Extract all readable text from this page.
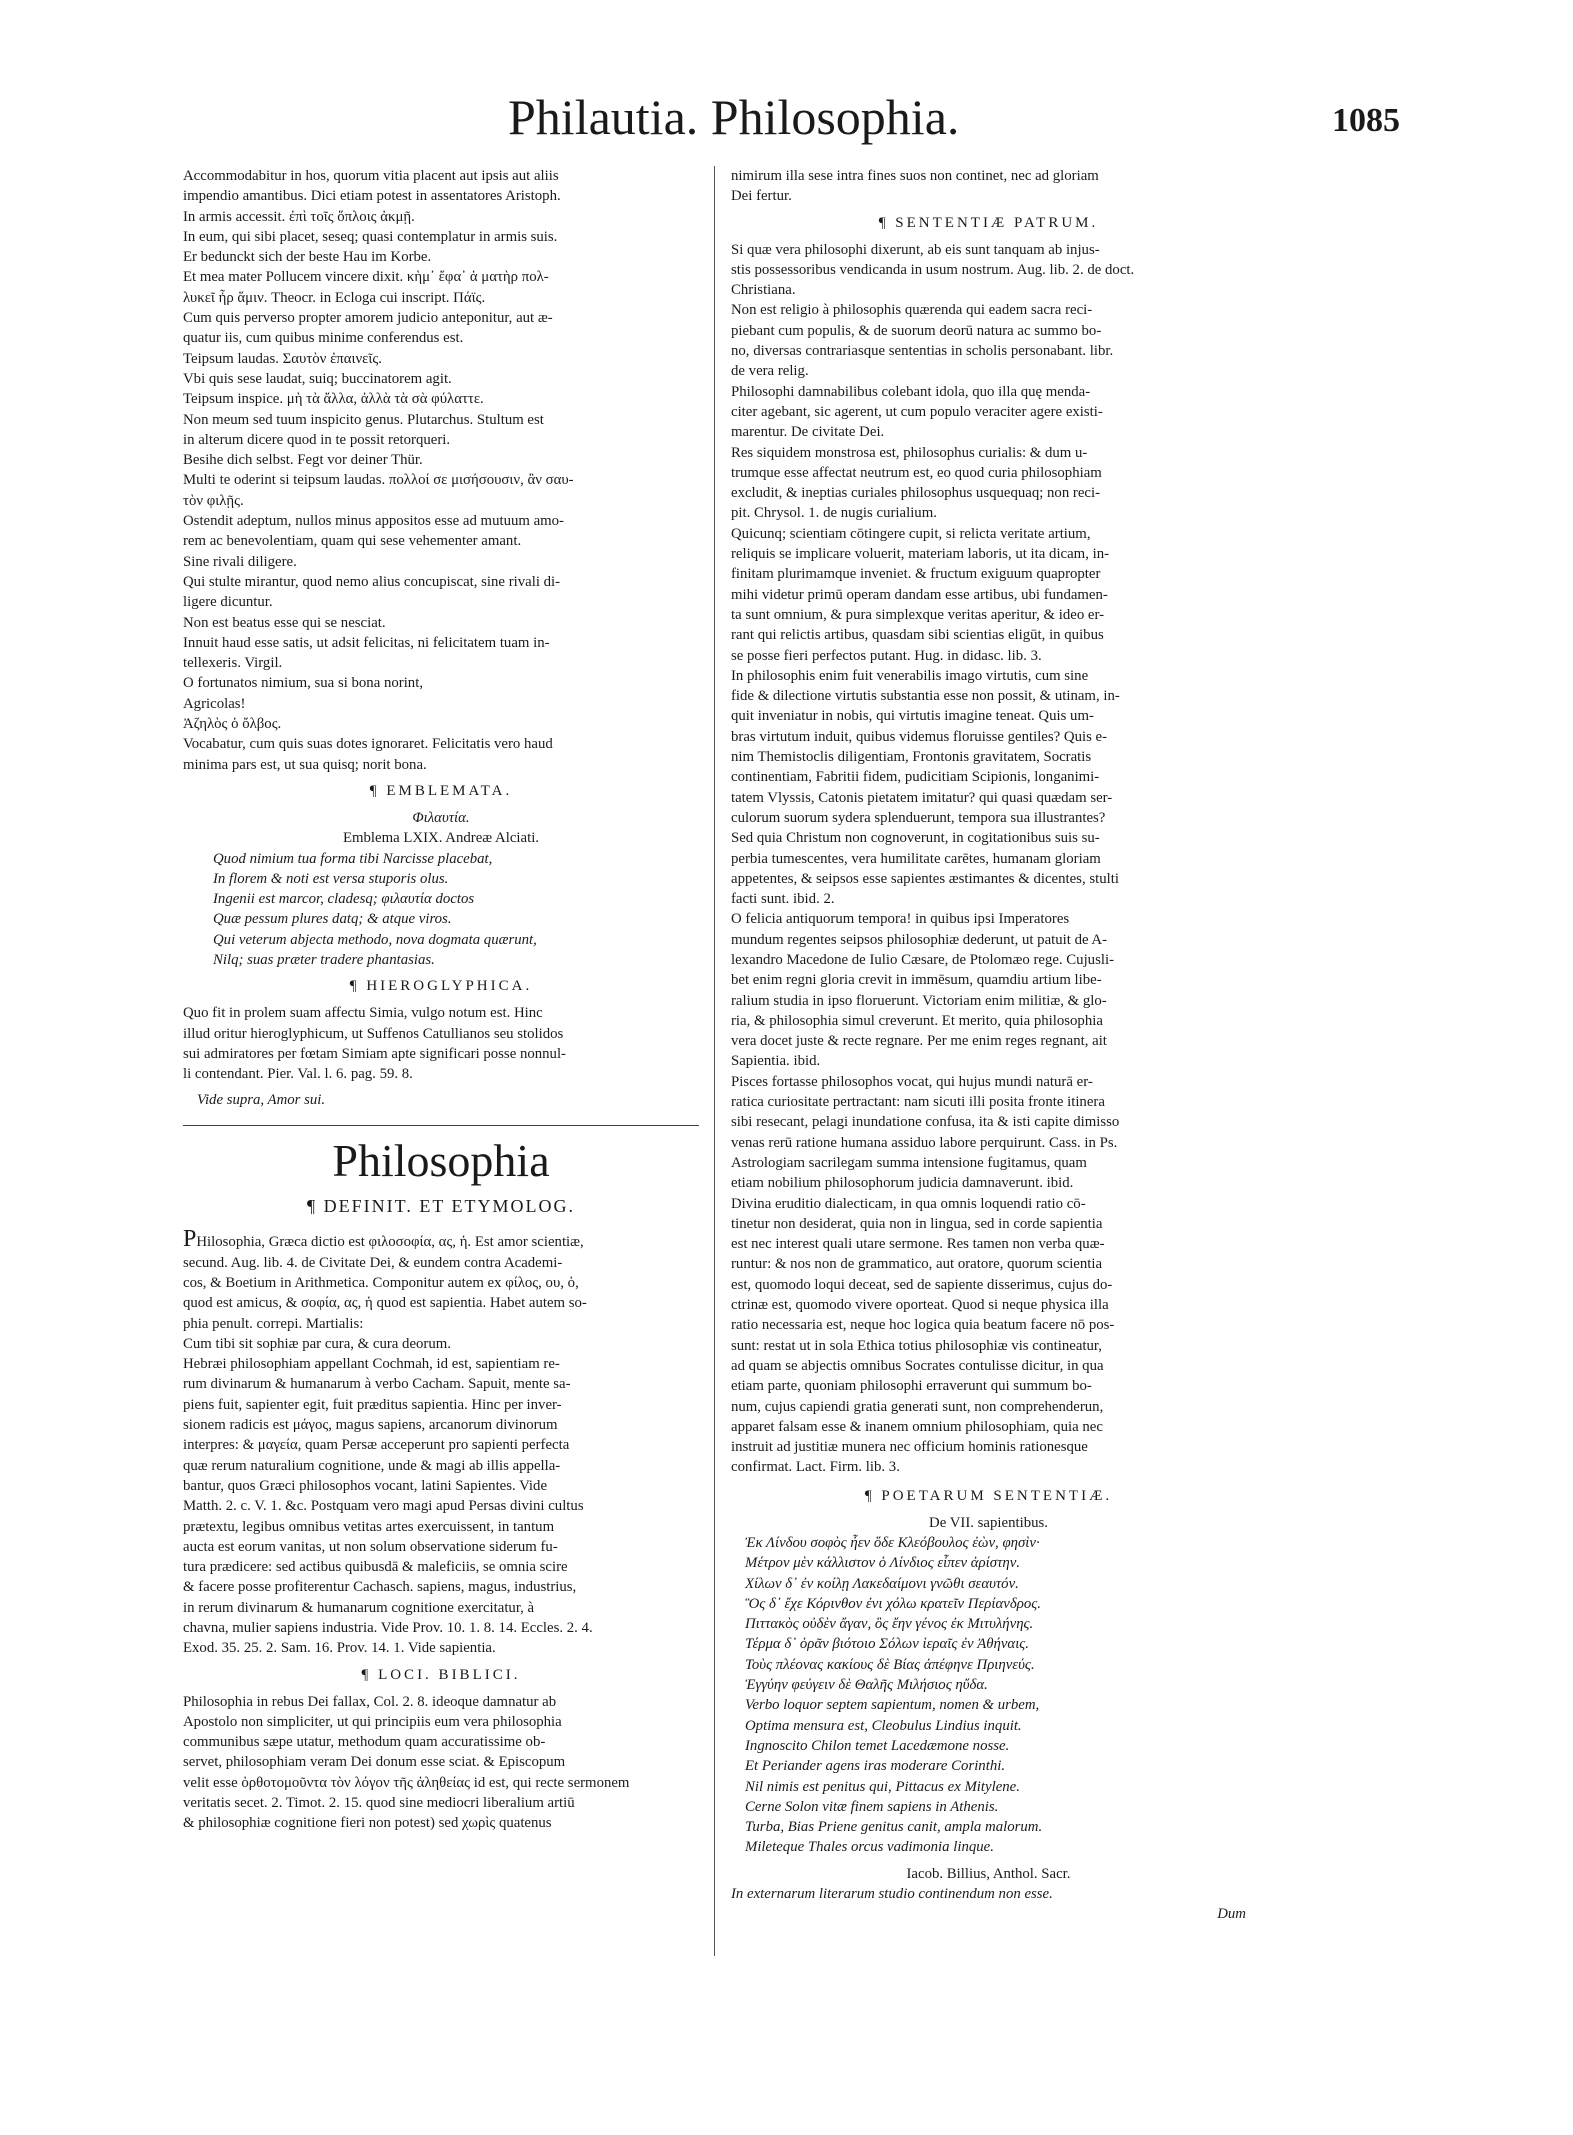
Philautia. Philosophia.	1085
Accommodabitur in hos, quorum vitia placent aut ipsis aut aliis
impendio amantibus. Dici etiam potest in assentatores Aristoph.
In armis accessit. ἐπὶ τοῖς ὅπλοις ἀκμῇ.
In eum, qui sibi placet, seseq; quasi contemplatur in armis suis.
Er bedunckt sich der beste Hau im Korbe.
Et mea mater Pollucem vincere dixit. κὴμ᾽ ἔφα᾽ ἁ ματὴρ πολ-
λυκεῖ ἦρ ἅμιν. Theocr. in Ecloga cui inscript. Πάϊς.
Cum quis perverso propter amorem judicio anteponitur, aut æ-
quatur iis, cum quibus minime conferendus est.
Teipsum laudas. Σαυτὸν ἐπαινεῖς.
Vbi quis sese laudat, suiq; buccinatorem agit.
Teipsum inspice. μὴ τὰ ἄλλα, ἀλλὰ τὰ σὰ φύλαττε.
Non meum sed tuum inspicito genus. Plutarchus. Stultum est
in alterum dicere quod in te possit retorqueri.
Besihe dich selbst. Fegt vor deiner Thür.
Multi te oderint si teipsum laudas. πολλοί σε μισήσουσιν, ἂν σαυ-
τὸν φιλῇς.
Ostendit adeptum, nullos minus appositos esse ad mutuum amo-
rem ac benevolentiam, quam qui sese vehementer amant.
Sine rivali diligere.
Qui stulte mirantur, quod nemo alius concupiscat, sine rivali di-
ligere dicuntur.
Non est beatus esse qui se nesciat.
Innuit haud esse satis, ut adsit felicitas, ni felicitatem tuam in-
tellexeris. Virgil.
O fortunatos nimium, sua si bona norint,
Agricolas!
Ἀζηλὸς ὁ ὄλβος.
Vocabatur, cum quis suas dotes ignoraret. Felicitatis vero haud
minima pars est, ut sua quisq; norit bona.
¶ EMBLEMATA.
Φιλαυτία.
Emblema LXIX. Andreæ Alciati.
Quod nimium tua forma tibi Narcisse placebat,
In florem & noti est versa stuporis olus.
Ingenii est marcor, cladesq; φιλαυτία doctos
Quæ pessum plures datq; & atque viros.
Qui veterum abjecta methodo, nova dogmata quærunt,
Nilq; suas præter tradere phantasias.
¶ HIEROGLYPHICA.
Quo fit in prolem suam affectu Simia, vulgo notum est. Hinc
illud oritur hieroglyphicum, ut Suffenos Catullianos seu stolidos
sui admiratores per fœtam Simiam apte significari posse nonnul-
li contendant. Pier. Val. l. 6. pag. 59. 8.
Vide supra, Amor sui.
Philosophia
¶ DEFINIT. ET ETYMOLOG.
PHilosophia, Græca dictio est φιλοσοφία, ας, ἡ. Est amor scientiæ,
secund. Aug. lib. 4. de Civitate Dei, & eundem contra Academi-
cos, & Boetium in Arithmetica. Componitur autem ex φίλος, ου, ὁ,
quod est amicus, & σοφία, ας, ἡ quod est sapientia. Habet autem so-
phia penult. correpi. Martialis:
Cum tibi sit sophiæ par cura, & cura deorum.
Hebræi philosophiam appellant Cochmah, id est, sapientiam re-
rum divinarum & humanarum à verbo Cacham. Sapuit, mente sa-
piens fuit, sapienter egit, fuit præditus sapientia. Hinc per inver-
sionem radicis est μάγος, magus sapiens, arcanorum divinorum
interpres: & μαγεία, quam Persæ acceperunt pro sapienti perfecta
quæ rerum naturalium cognitione, unde & magi ab illis appella-
bantur, quos Græci philosophos vocant, latini Sapientes. Vide
Matth. 2. c. V. 1. &c. Postquam vero magi apud Persas divini cultus
prætextu, legibus omnibus vetitas artes exercuissent, in tantum
aucta est eorum vanitas, ut non solum observatione siderum fu-
tura prædicere: sed actibus quibusdā & maleficiis, se omnia scire
& facere posse profiterentur Cachasch. sapiens, magus, industrius,
in rerum divinarum & humanarum cognitione exercitatur, à
chavna, mulier sapiens industria. Vide Prov. 10. 1. 8. 14. Eccles. 2. 4.
Exod. 35. 25. 2. Sam. 16. Prov. 14. 1. Vide sapientia.
¶ LOCI. BIBLICI.
Philosophia in rebus Dei fallax, Col. 2. 8. ideoque damnatur ab
Apostolo non simpliciter, ut qui principiis eum vera philosophia
communibus sæpe utatur, methodum quam accuratissime ob-
servet, philosophiam veram Dei donum esse sciat. & Episcopum
velit esse ὀρθοτομοῦντα τὸν λόγον τῆς ἀληθείας id est, qui recte sermonem
veritatis secet. 2. Timot. 2. 15. quod sine mediocri liberalium artiū
& philosophiæ cognitione fieri non potest) sed χωρὶς quatenus
nimirum illa sese intra fines suos non continet, nec ad gloriam
Dei fertur.
¶ SENTENTIÆ PATRUM.
Si quæ vera philosophi dixerunt, ab eis sunt tanquam ab injus-
stis possessoribus vendicanda in usum nostrum. Aug. lib. 2. de doct.
Christiana.
Non est religio à philosophis quærenda qui eadem sacra reci-
piebant cum populis, & de suorum deorū natura ac summo bo-
no, diversas contrariasque sententias in scholis personabant. libr.
de vera relig.
Philosophi damnabilibus colebant idola, quo illa quę menda-
citer agebant, sic agerent, ut cum populo veraciter agere existi-
marentur. De civitate Dei.
Res siquidem monstrosa est, philosophus curialis: & dum u-
trumque esse affectat neutrum est, eo quod curia philosophiam
excludit, & ineptias curiales philosophus usquequaq; non reci-
pit. Chrysol. 1. de nugis curialium.
Quicunq; scientiam cōtingere cupit, si relicta veritate artium,
reliquis se implicare voluerit, materiam laboris, ut ita dicam, in-
finitam plurimamque inveniet. & fructum exiguum quapropter
mihi videtur primū operam dandam esse artibus, ubi fundamen-
ta sunt omnium, & pura simplexque veritas aperitur, & ideo er-
rant qui relictis artibus, quasdam sibi scientias eligūt, in quibus
se posse fieri perfectos putant. Hug. in didasc. lib. 3.
In philosophis enim fuit venerabilis imago virtutis, cum sine
fide & dilectione virtutis substantia esse non possit, & utinam, in-
quit inveniatur in nobis, qui virtutis imagine teneat. Quis um-
bras virtutum induit, quibus videmus floruisse gentiles? Quis e-
nim Themistoclis diligentiam, Frontonis gravitatem, Socratis
continentiam, Fabritii fidem, pudicitiam Scipionis, longanimi-
tatem Vlyssis, Catonis pietatem imitatur? qui quasi quædam ser-
culorum suorum sydera splenduerunt, tempora sua illustrantes?
Sed quia Christum non cognoverunt, in cogitationibus suis su-
perbia tumescentes, vera humilitate carētes, humanam gloriam
appetentes, & seipsos esse sapientes æstimantes & dicentes, stulti
facti sunt. ibid. 2.
O felicia antiquorum tempora! in quibus ipsi Imperatores
mundum regentes seipsos philosophiæ dederunt, ut patuit de A-
lexandro Macedone de Iulio Cæsare, de Ptolomæo rege. Cujusli-
bet enim regni gloria crevit in immēsum, quamdiu artium libe-
ralium studia in ipso floruerunt. Victoriam enim militiæ, & glo-
ria, & philosophia simul creverunt. Et merito, quia philosophia
vera docet juste & recte regnare. Per me enim reges regnant, ait
Sapientia. ibid.
Pisces fortasse philosophos vocat, qui hujus mundi naturā er-
ratica curiositate pertractant: nam sicuti illi posita fronte itinera
sibi resecant, pelagi inundatione confusa, ita & isti capite dimisso
venas rerū ratione humana assiduo labore perquirunt. Cass. in Ps.
Astrologiam sacrilegam summa intensione fugitamus, quam
etiam nobilium philosophorum judicia damnaverunt. ibid.
Divina eruditio dialecticam, in qua omnis loquendi ratio cō-
tinetur non desiderat, quia non in lingua, sed in corde sapientia
est nec interest quali utare sermone. Res tamen non verba quæ-
runtur: & nos non de grammatico, aut oratore, quorum scientia
est, quomodo loqui deceat, sed de sapiente disserimus, cujus do-
ctrinæ est, quomodo vivere oporteat. Quod si neque physica illa
ratio necessaria est, neque hoc logica quia beatum facere nō pos-
sunt: restat ut in sola Ethica totius philosophiæ vis contineatur,
ad quam se abjectis omnibus Socrates contulisse dicitur, in qua
etiam parte, quoniam philosophi erraverunt qui summum bo-
num, cujus capiendi gratia generati sunt, non comprehenderun,
apparet falsam esse & inanem omnium philosophiam, quia nec
instruit ad justitiæ munera nec officium hominis rationesque
confirmat. Lact. Firm. lib. 3.
¶ POETARUM SENTENTIÆ.
De VII. sapientibus.
Ἐκ Λίνδου σοφὸς ἦεν ὅδε Κλεόβουλος ἐὼν, φησὶν·
Μέτρον μὲν κάλλιστον ὁ Λίνδιος εἶπεν ἀρίστην.
Χίλων δ᾽ ἐν κοίλῃ Λακεδαίμονι γνῶθι σεαυτόν.
Ὃς δ᾽ ἔχε Κόρινθον ἐνι χόλω κρατεῖν Περίανδρος.
Πιττακὸς οὐδὲν ἄγαν, ὃς ἔην γένος ἐκ Μιτυλήνης.
Τέρμα δ᾽ ὁρᾶν βιότοιο Σόλων ἱεραῖς ἐν Ἀθήναις.
Τοὺς πλέονας κακίους δὲ Βίας ἀπέφηνε Πριηνεύς.
Ἐγγύην φεύγειν δὲ Θαλῆς Μιλήσιος ηὔδα.
Verbo loquor septem sapientum, nomen & urbem,
Optima mensura est, Cleobulus Lindius inquit.
Ingnoscito Chilon temet Lacedæmone nosse.
Et Periander agens iras moderare Corinthi.
Nil nimis est penitus qui, Pittacus ex Mitylene.
Cerne Solon vitæ finem sapiens in Athenis.
Turba, Bias Priene genitus canit, ampla malorum.
Mileteque Thales orcus vadimonia linque.
Iacob. Billius, Anthol. Sacr.
In externarum literarum studio continendum non esse.
Dum
